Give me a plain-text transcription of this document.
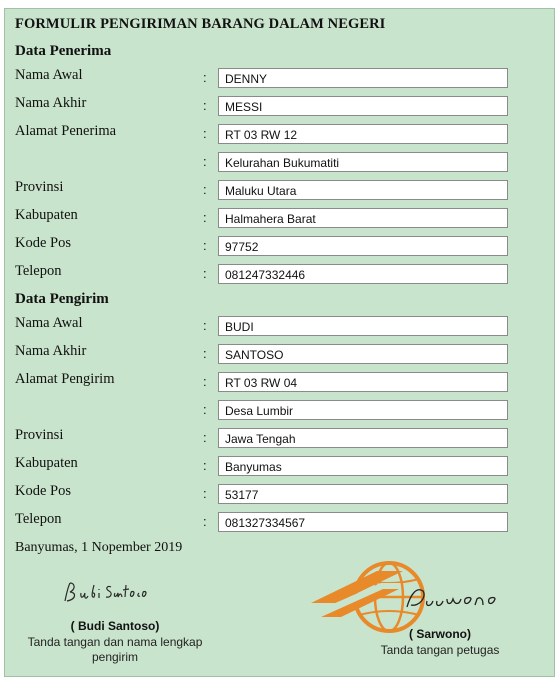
FORMULIR PENGIRIMAN BARANG DALAM NEGERI
Data Penerima
Nama Awal	:	DENNY
Nama Akhir	:	MESSI
Alamat Penerima	:	RT 03 RW 12
:	Kelurahan Bukumatiti
Provinsi	:	Maluku Utara
Kabupaten	:	Halmahera Barat
Kode Pos	:	97752
Telepon	:	081247332446
Data Pengirim
Nama Awal	:	BUDI
Nama Akhir	:	SANTOSO
Alamat Pengirim	:	RT 03 RW 04
:	Desa Lumbir
Provinsi	:	Jawa Tengah
Kabupaten	:	Banyumas
Kode Pos	:	53177
Telepon	:	081327334567
Banyumas, 1 Nopember 2019
( Budi Santoso)
Tanda tangan dan nama lengkap
pengirim
( Sarwono)
Tanda tangan petugas
